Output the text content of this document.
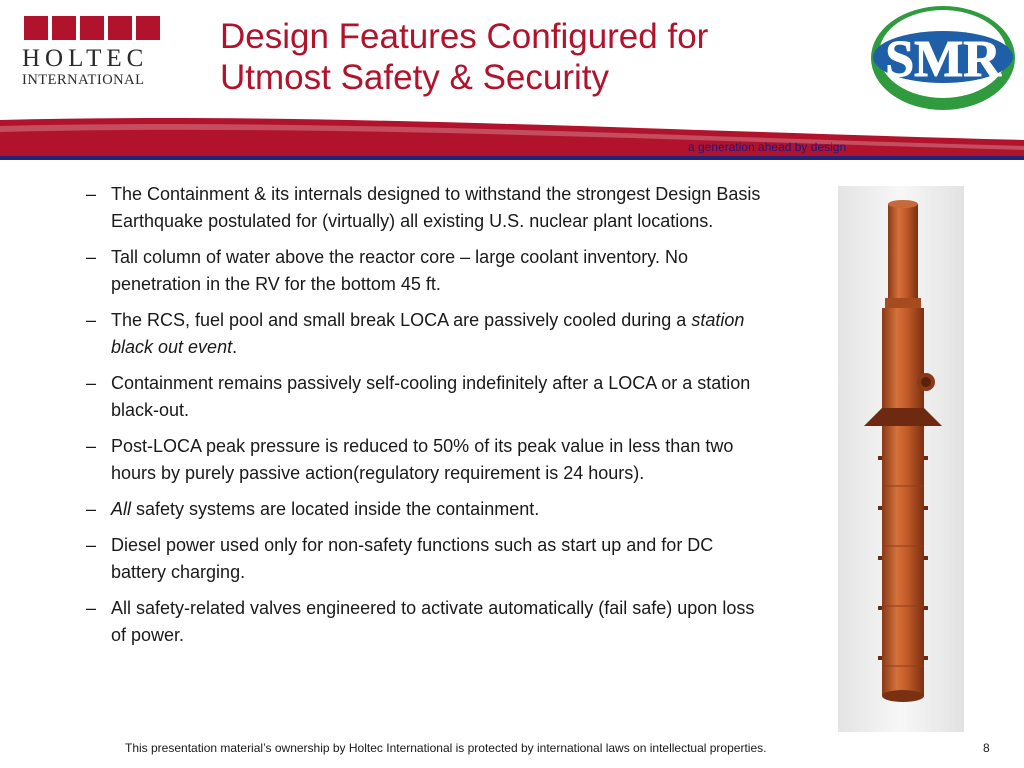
HOLTEC
INTERNATIONAL
Design Features Configured for
Utmost Safety & Security	SMR
a generation ahead by design
– The Containment & its internals designed to withstand the strongest Design Basis Earthquake postulated for (virtually) all existing U.S. nuclear plant locations.
– Tall column of water above the reactor core – large coolant inventory. No penetration in the RV for the bottom 45 ft.
– The RCS, fuel pool and small break LOCA are passively cooled during a station black out event.
– Containment remains passively self-cooling indefinitely after a LOCA or a station black-out.
– Post-LOCA peak pressure is reduced to 50% of its peak value in less than two hours by purely passive action(regulatory requirement is 24 hours).
– All safety systems are located inside the containment.
– Diesel power used only for non-safety functions such as start up and for DC battery charging.
– All safety-related valves engineered to activate automatically (fail safe) upon loss of power.
This presentation material’s ownership by Holtec International is protected by international laws on intellectual properties.	8
